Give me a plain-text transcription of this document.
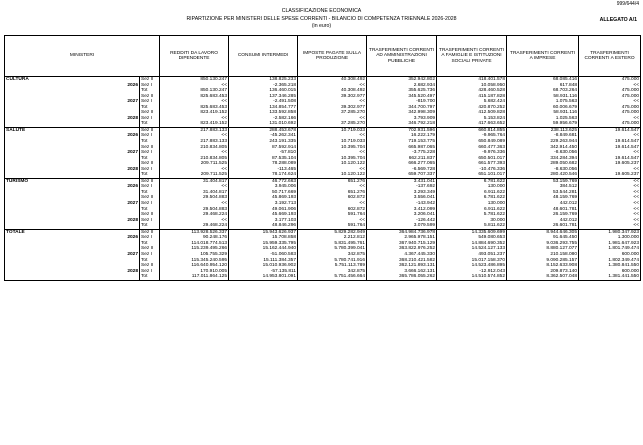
999/644/4
CLASSIFICAZIONE ECONOMICA
RIPARTIZIONE PER MINISTERI DELLE SPESE CORRENTI - BILANCIO DI COMPETENZA TRIENNALE 2026-2028
(in euro)
ALLEGATO A/1
MINISTERI			REDDITI DA LAVORO DIPENDENTE	CONSUMI INTERMEDI	IMPOSTE PAGATE SULLA PRODUZIONE	TRASFERIMENTI CORRENTI AD AMMINISTRAZIONI PUBBLICHE	TRASFERIMENTI CORRENTI A FAMIGLIE E ISTITUZIONI SOCIALI PRIVATE	TRASFERIMENTI CORRENTI A IMPRESE	TRASFERIMENTI CORRENTI A ESTERO
CULTURA		Sez II	850.130.247	138.825.233	40.308.492	352.942.802	418.401.578	68.085.416	475.000
	2026	Sez I	<<	-2.365.218	<<	2.682.934	10.058.950	617.848	<<
		Tot	850.130.247	136.460.015	40.308.492	355.625.736	428.460.528	68.703.264	475.000
		Sez II	825.683.453	137.346.285	39.302.977	345.520.497	415.187.828	58.931.116	475.000
	2027	Sez I	<<	-2.491.508	<<	-819.700	5.682.424	1.075.563	<<
		Tot	825.683.453	134.854.777	39.302.977	344.700.797	420.870.252	60.006.679	475.000
		Sez II	823.419.152	133.592.858	37.285.270	342.998.309	412.509.828	58.931.116	475.000
	2028	Sez I	<<	-2.582.166	<<	3.793.909	5.153.824	1.025.563	<<
		Tot	823.419.152	131.010.692	37.285.270	346.792.218	417.663.652	59.956.679	475.000
SALUTE		Sez II	217.883.133	288.453.678	10.719.033	702.931.596	660.814.855	238.113.625	19.614.547
	2026	Sez I	<<	-45.262.341	<<	16.222.179	-9.965.764	-8.849.681	<<
		Tot	217.883.133	243.191.335	10.719.033	719.153.775	650.849.089	229.263.944	19.614.547
		Sez II	210.834.805	87.592.914	10.395.704	665.987.065	660.477.363	342.914.450	19.614.547
	2027	Sez I	<<	-57.810	<<	-3.775.228	-9.976.336	-8.630.056	<<
		Tot	210.834.805	87.535.104	10.395.704	662.211.837	650.501.017	334.284.394	19.614.547
		Sez II	209.711.525	78.288.089	10.120.122	666.277.065	661.577.393	289.050.682	19.605.237
	2028	Sez I	<<	-113.465	<<	-6.569.728	-10.476.336	-8.630.056	<<
		Tot	209.711.525	78.174.624	10.120.122	659.707.337	651.101.017	280.420.546	19.605.237
TURISMO		Sez II	31.404.817	46.772.663	651.276	3.431.041	6.781.622	53.159.769	<<
	2026	Sez I	<<	3.945.006	<<	-137.692	130.000	384.512	<<
		Tot	31.404.817	50.717.669	651.276	3.293.349	6.911.622	53.544.281	<<
		Sez II	29.504.883	45.869.193	602.872	3.556.041	6.781.622	48.159.769	<<
	2027	Sez I	<<	3.192.713	<<	-143.942	130.000	442.012	<<
		Tot	29.504.883	49.061.906	602.872	3.412.099	6.911.622	48.601.781	<<
		Sez II	29.468.224	45.669.193	591.764	3.206.041	5.781.622	26.159.769	<<
	2028	Sez I	<<	3.177.103	<<	-126.442	30.000	442.012	<<
		Tot	29.468.224	48.846.296	591.764	3.079.599	5.811.622	26.601.781	<<
TOTALE		Sez II	113.928.526.337	15.943.626.937	5.829.282.949	364.984.736.978	14.335.609.699	8.944.646.305	1.980.347.923
	2026	Sez I	90.248.176	15.708.858	2.212.812	2.965.978.151	549.080.653	91.645.450	1.300.000
		Tot	114.018.774.513	15.959.335.795	5.831.495.761	367.940.715.129	14.884.690.352	9.036.293.755	1.981.647.923
		Sez II	115.239.495.266	15.162.444.940	5.780.399.041	363.822.976.252	14.524.127.133	8.880.127.077	1.801.749.474
	2027	Sez I	105.755.329	-51.060.583	342.875	4.367.445.330	493.051.237	210.158.080	600.000
		Tot	115.345.240.595	15.111.384.357	5.780.741.916	368.210.421.582	15.017.158.370	9.090.285.157	1.802.349.474
		Sez II	116.640.954.120	15.010.936.902	5.751.113.789	362.121.893.131	14.523.486.895	8.152.633.908	1.380.841.550
	2028	Sez I	170.910.005	-57.135.811	342.875	3.666.162.131	-12.912.043	209.873.140	600.000
		Tot	117.011.864.125	14.953.801.091	5.751.456.664	365.786.055.262	14.510.574.852	8.362.507.048	1.381.441.550
